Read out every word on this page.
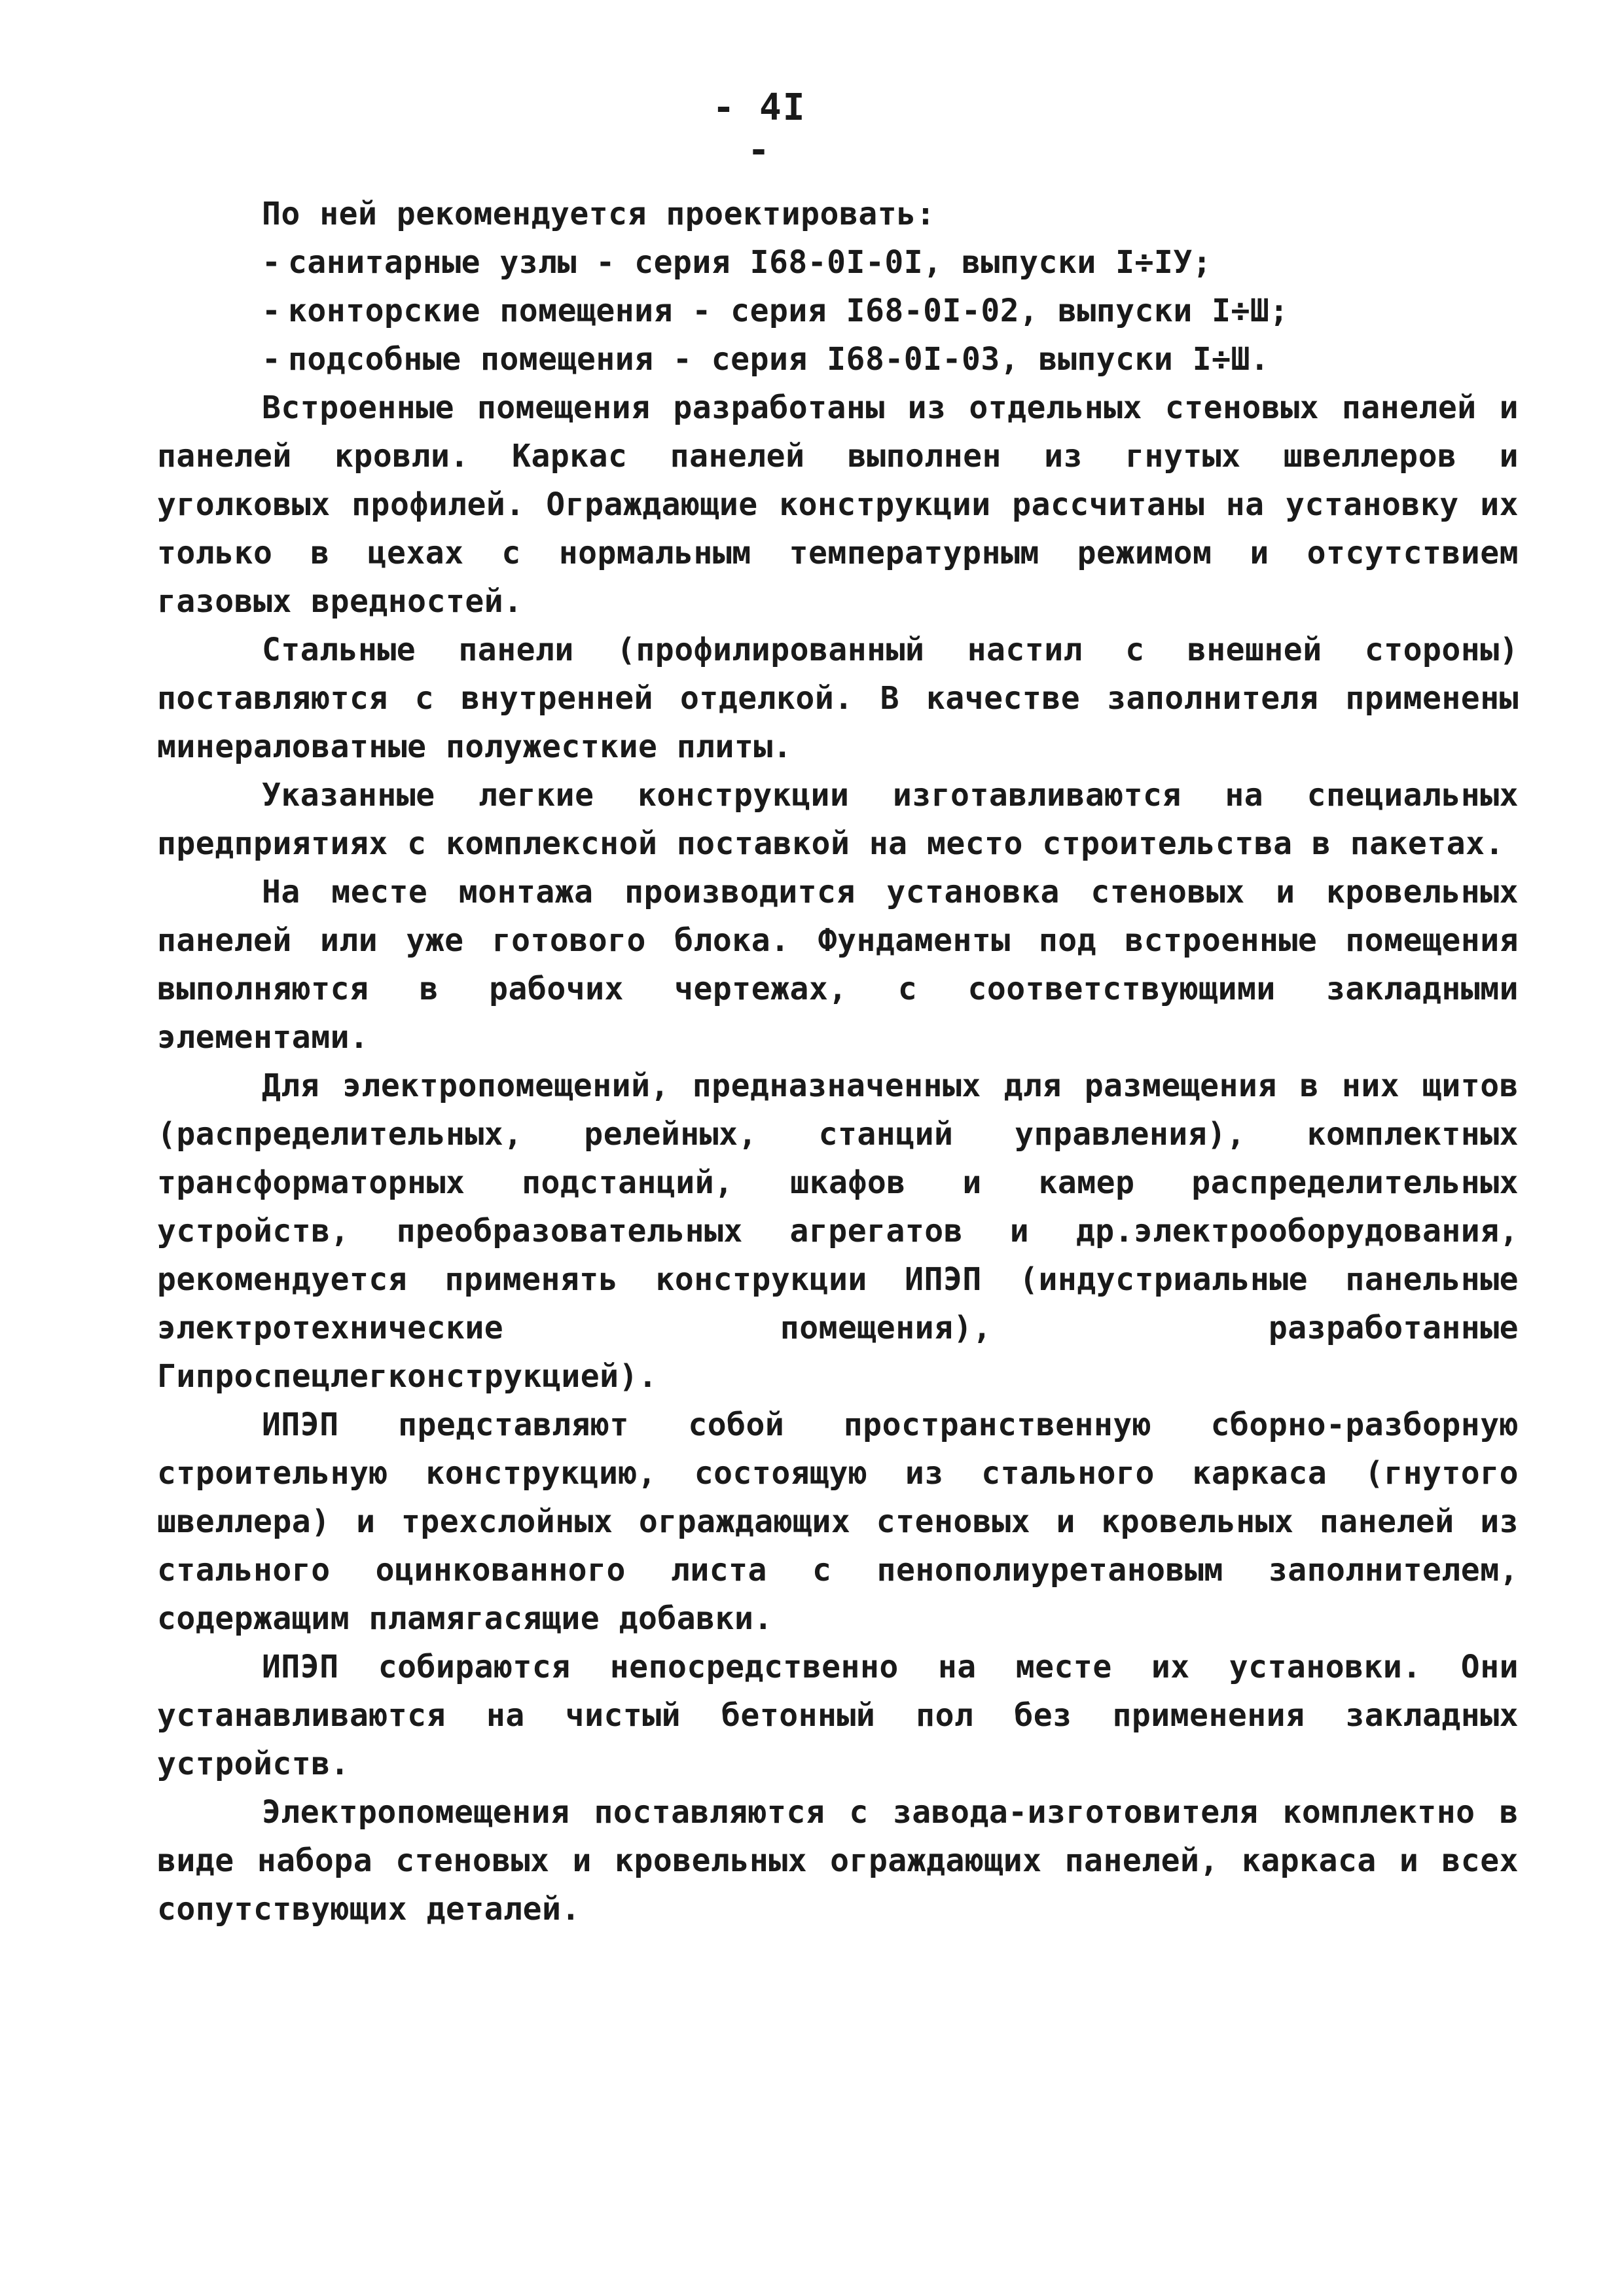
- 4I -

По ней рекомендуется проектировать:

- санитарные узлы - серия I68-0I-0I, выпуски I÷IУ;
- конторские помещения - серия I68-0I-02, выпуски I÷Ш;
- подсобные помещения - серия I68-0I-03, выпуски I÷Ш.

Встроенные помещения разработаны из отдельных стеновых панелей и панелей кровли. Каркас панелей выполнен из гнутых швеллеров и уголковых профилей. Ограждающие конструкции рассчитаны на установку их только в цехах с нормальным температурным режимом и отсутствием газовых вредностей.

Стальные панели (профилированный настил с внешней стороны) поставляются с внутренней отделкой. В качестве заполнителя применены минераловатные полужесткие плиты.

Указанные легкие конструкции изготавливаются на специальных предприятиях с комплексной поставкой на место строительства в пакетах.

На месте монтажа производится установка стеновых и кровельных панелей или уже готового блока. Фундаменты под встроенные помещения выполняются в рабочих чертежах, с соответствующими закладными элементами.

Для электропомещений, предназначенных для размещения в них щитов (распределительных, релейных, станций управления), комплектных трансформаторных подстанций, шкафов и камер распределительных устройств, преобразовательных агрегатов и др.электрооборудования, рекомендуется применять конструкции ИПЭП (индустриальные панельные электротехнические помещения), разработанные Гипроспецлегконструкцией).

ИПЭП представляют собой пространственную сборно-разборную строительную конструкцию, состоящую из стального каркаса (гнутого швеллера) и трехслойных ограждающих стеновых и кровельных панелей из стального оцинкованного листа с пенополиуретановым заполнителем, содержащим пламягасящие добавки.

ИПЭП собираются непосредственно на месте их установки. Они устанавливаются на чистый бетонный пол без применения закладных устройств.

Электропомещения поставляются с завода-изготовителя комплектно в виде набора стеновых и кровельных ограждающих панелей, каркаса и всех сопутствующих деталей.
